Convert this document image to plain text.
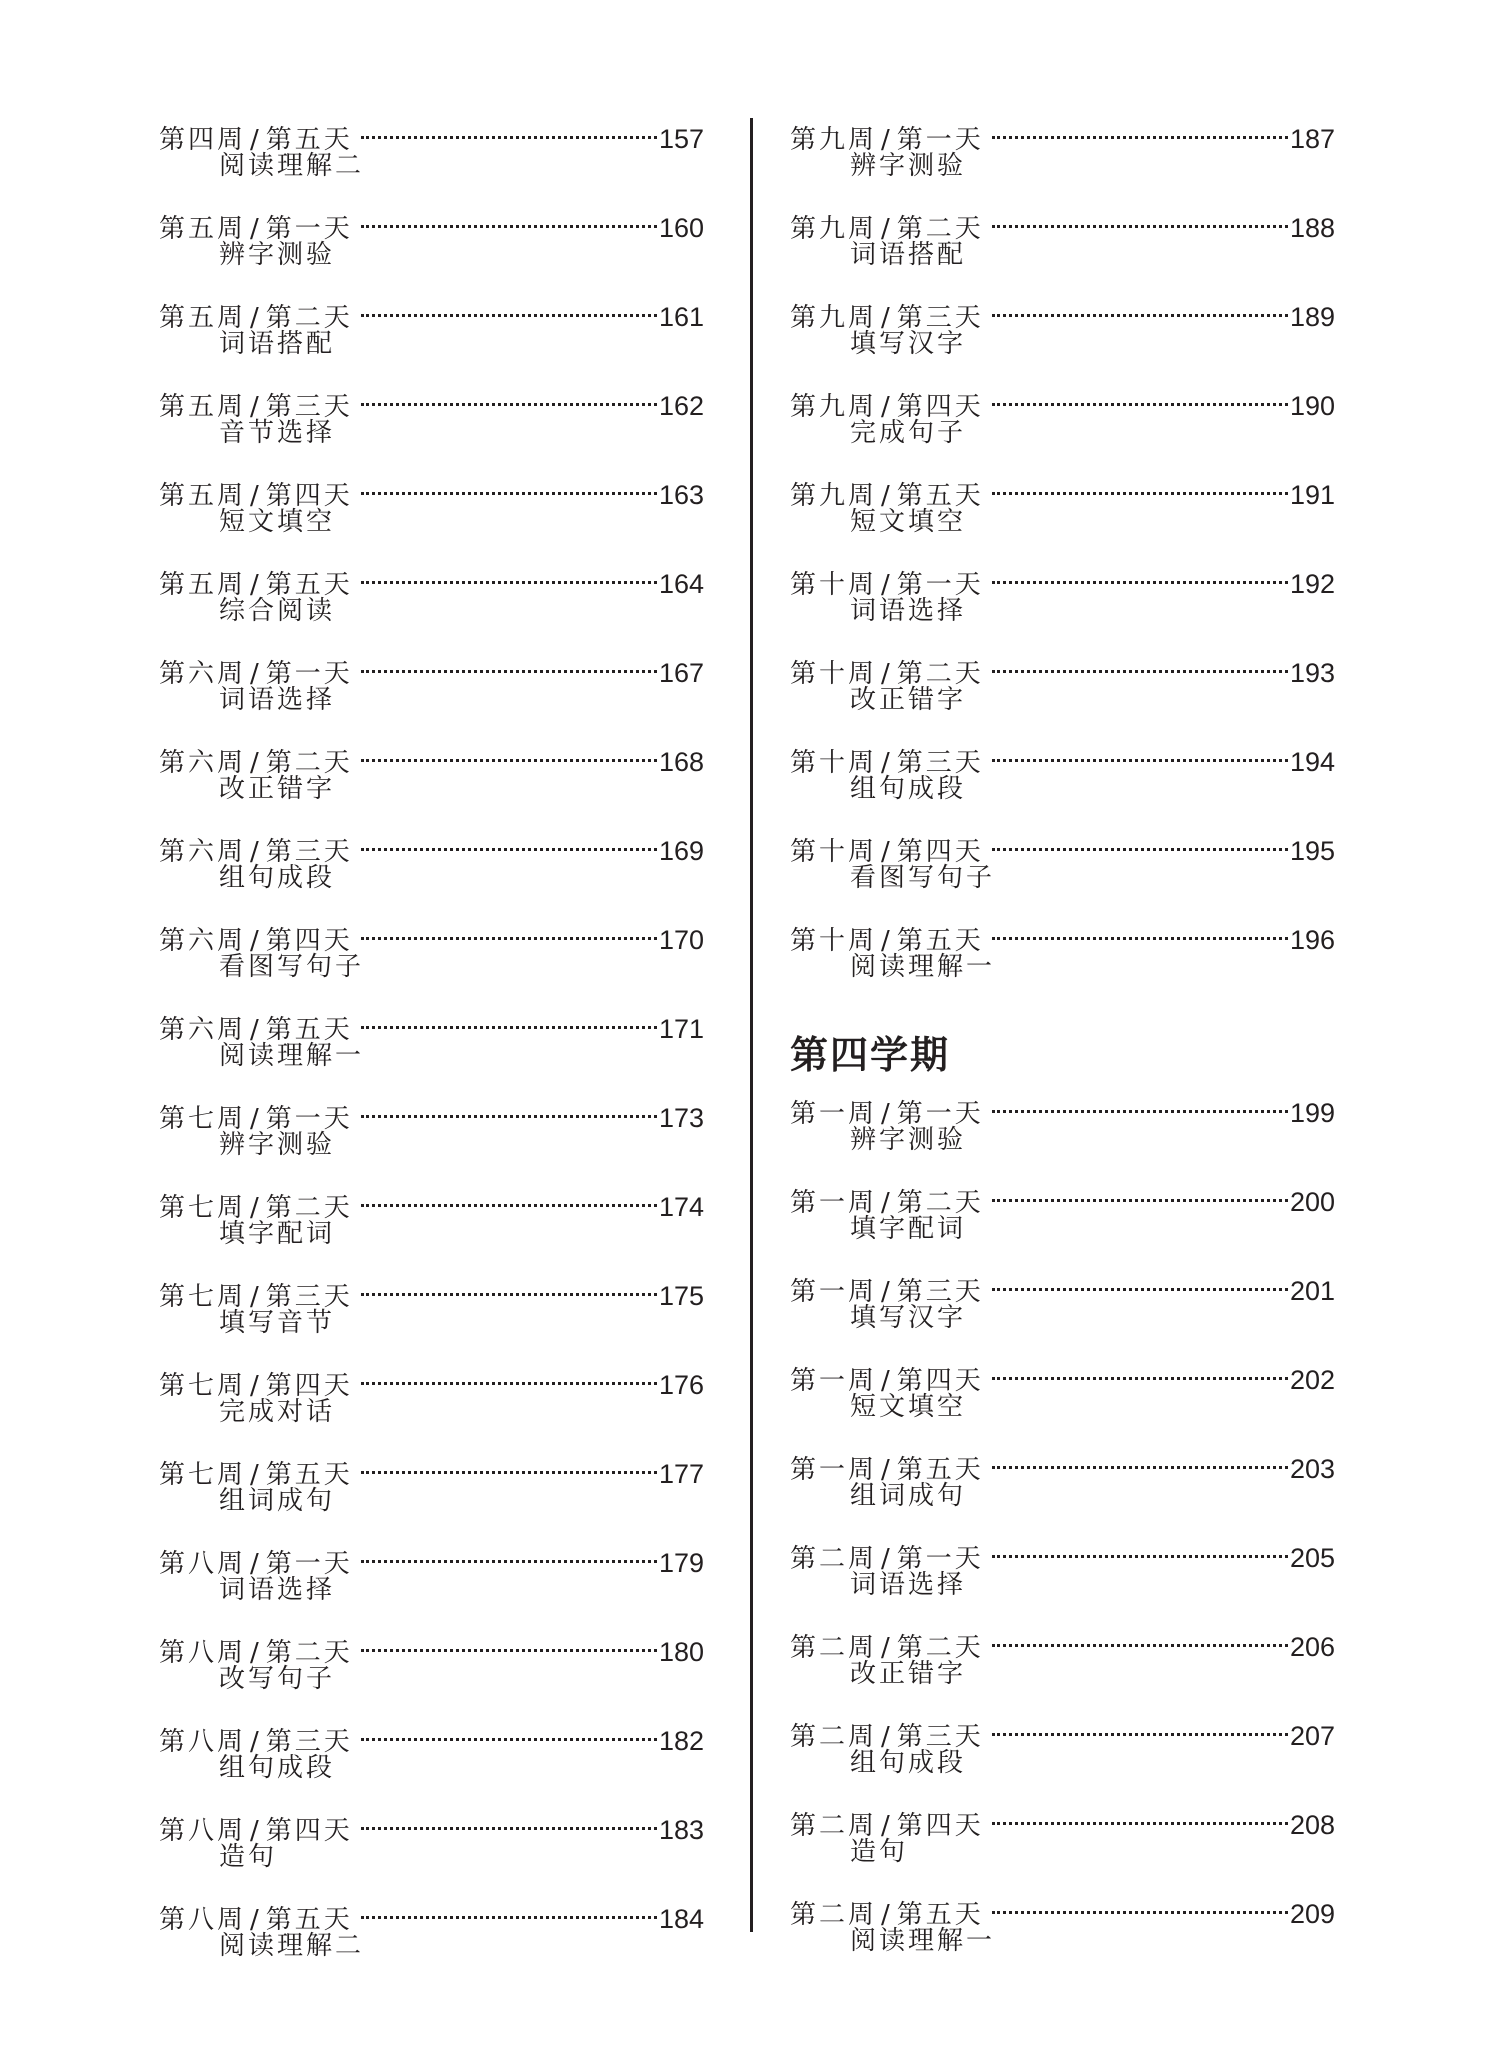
第四周 / 第五天	157
阅读理解二
第五周 / 第一天	160
辨字测验
第五周 / 第二天	161
词语搭配
第五周 / 第三天	162
音节选择
第五周 / 第四天	163
短文填空
第五周 / 第五天	164
综合阅读
第六周 / 第一天	167
词语选择
第六周 / 第二天	168
改正错字
第六周 / 第三天	169
组句成段
第六周 / 第四天	170
看图写句子
第六周 / 第五天	171
阅读理解一
第七周 / 第一天	173
辨字测验
第七周 / 第二天	174
填字配词
第七周 / 第三天	175
填写音节
第七周 / 第四天	176
完成对话
第七周 / 第五天	177
组词成句
第八周 / 第一天	179
词语选择
第八周 / 第二天	180
改写句子
第八周 / 第三天	182
组句成段
第八周 / 第四天	183
造句
第八周 / 第五天	184
阅读理解二
第九周 / 第一天	187
辨字测验
第九周 / 第二天	188
词语搭配
第九周 / 第三天	189
填写汉字
第九周 / 第四天	190
完成句子
第九周 / 第五天	191
短文填空
第十周 / 第一天	192
词语选择
第十周 / 第二天	193
改正错字
第十周 / 第三天	194
组句成段
第十周 / 第四天	195
看图写句子
第十周 / 第五天	196
阅读理解一
第四学期
第一周 / 第一天	199
辨字测验
第一周 / 第二天	200
填字配词
第一周 / 第三天	201
填写汉字
第一周 / 第四天	202
短文填空
第一周 / 第五天	203
组词成句
第二周 / 第一天	205
词语选择
第二周 / 第二天	206
改正错字
第二周 / 第三天	207
组句成段
第二周 / 第四天	208
造句
第二周 / 第五天	209
阅读理解一
